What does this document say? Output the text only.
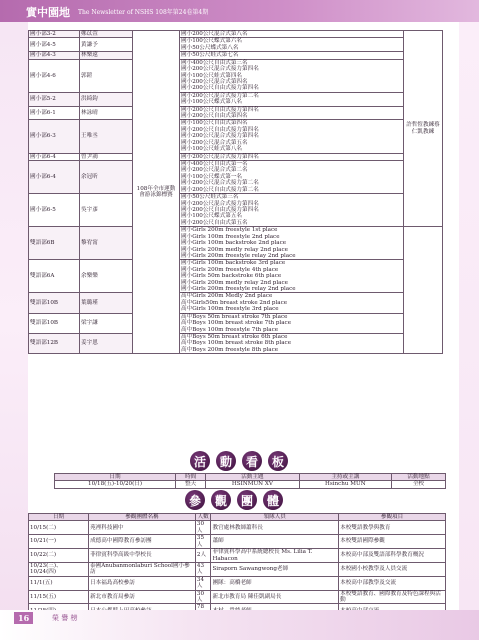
實中園地 The Newsletter of NSHS 108年第24卷第4期
國小部3-2	鄭苡萱	108年全市運動會游泳錦標賽	國小200公尺混合式第八名	許哲愷教練蔡仁凱教練
國小部4-5	黃謙予		國小100公尺蝶式第六名
國小50公尺蝶式第八名	

國小部4-3	林樂遠		國小50公尺蛙式第七名	

國小部4-6	郭鎧		國小400公尺自由式第三名
國小200公尺混合式接力第四名
國小100公尺蛙式第四名
國小200公尺混合式第四名
國小200公尺自由式接力第四名	

國小部5-2	洪綺鈞		國小200公尺混合式接力第二名
國小100公尺蝶式第八名	

國小部6-1	林詠晴		國小200公尺自由式接力第四名
國小200公尺自由式第四名	

國小部6-3	王唯丞		國小100公尺自由式第四名
國小200公尺自由式接力第四名
國小200公尺混合式接力第四名
國小200公尺混合式第五名
國小100公尺蛙式第八名	

國小部6-4	曾尹鴻		國小200公尺混合式接力第四名	

國小部6-4	余冠昕		國小400公尺自由式第一名
國小200公尺混合式第二名
國小100公尺蝶式第一名
國小200公尺混合式接力第二名
國小200公尺自由式接力第二名	

國小部6-5	吳宇彥		國小50公尺蛙式第三名
國小200公尺混合式接力第四名
國小200公尺自由式接力第四名
國小100公尺蝶式第五名
國小200公尺自由式第五名	

雙語部6B	黎宥甯		國小Girls 200m freestyle 1st place
國小Girls 100m freestyle 2nd place
國小Girls 100m backstroke 2nd place
國小Girls 200m medly relay 2nd place
國小Girls 200m freestyle relay 2nd place	

雙語部6A	余樂樂		國小Girls 100m backstroke 3rd place
國小Girls 200m freestyle 4th place
國小Girls 50m backstroke 6th place
國小Girls 200m medly relay 2nd place
國小Girls 200m freestyle relay 2nd place	

雙語部10B	葉璐瑾		高中Girls 200m Medly 2nd place
高中Girls50m breast stroke 2nd place
高中Girls 100m freestyle 3rd place	

雙語部10B	梁宇謙		高中Boys 50m breast stroke 7th place
高中Boys 100m breast stroke 7th place
高中Boys 100m freestyle 7th place	

雙語部12B	姜宇恩		高中Boys 50m breast stroke 6th place
高中Boys 100m breast stroke 8th place
高中Boys 200m freestyle 8th place	
活	動	看	板
日期	時間	活動主題	主持或主講	活動地點
10/18(五)-10/20(日)	整天	HSINMUN XV	Hsinchu MUN	全校
參	觀	團	體
日期	參觀團體名稱	人數	領隊人員	參觀項目
10/15(二)	苑裡科技國中	30人	教官處林教師蕭科長	本校雙語教學與教育
10/21(一)	成德高中國際教育參訪團	35人	蕭師	本校雙語國際參觀
10/22(二)	菲律賓科學高級中學校長	2人	菲律賓科學高中系統總校長 Ms. Lilia T. Habacon	本校高中部及雙語部科學教育概況
10/23(三)、10/24(四)	泰國Anubanmonlaburi School國小參訪	43人	Siraporn Sawangwong老師	本校國小校教學及人員交流
11/1(五)	日本福島高校參訪	34人	團隊：高橋老師	本校高中部教學及交流
11/15(五)	新北市教育局參訪	30人	新北市教育局 陳佳凱副局長	本校雙語教育、國際教育及特色課程與活動
		78		
16	榮 譽 榜
